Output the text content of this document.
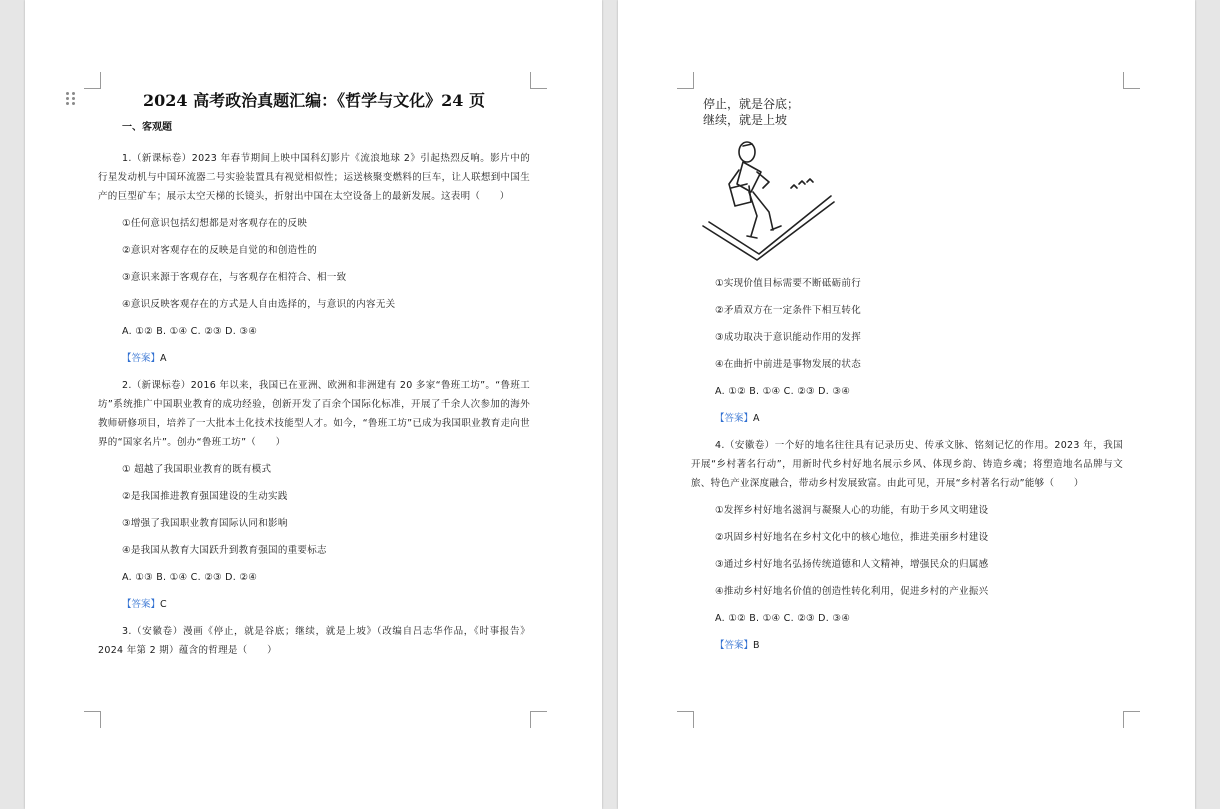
2024 高考政治真题汇编：《哲学与文化》24 页

一、客观题

1.（新课标卷）2023 年春节期间上映中国科幻影片《流浪地球 2》引起热烈反响。影片中的行星发动机与中国环流器二号实验装置具有视觉相似性；运送核聚变燃料的巨车，让人联想到中国生产的巨型矿车；展示太空天梯的长镜头，折射出中国在太空设备上的最新发展。这表明（　　）

①任何意识包括幻想都是对客观存在的反映

②意识对客观存在的反映是自觉的和创造性的

③意识来源于客观存在，与客观存在相符合、相一致

④意识反映客观存在的方式是人自由选择的，与意识的内容无关

A. ①② B. ①④ C. ②③ D. ③④

【答案】A

2.（新课标卷）2016 年以来，我国已在亚洲、欧洲和非洲建有 20 多家“鲁班工坊”。“鲁班工坊”系统推广中国职业教育的成功经验，创新开发了百余个国际化标准，开展了千余人次参加的海外教师研修项目，培养了一大批本土化技术技能型人才。如今，“鲁班工坊”已成为我国职业教育走向世界的“国家名片”。创办“鲁班工坊”（　　）

① 超越了我国职业教育的既有模式

②是我国推进教育强国建设的生动实践

③增强了我国职业教育国际认同和影响

④是我国从教育大国跃升到教育强国的重要标志

A. ①③ B. ①④ C. ②③ D. ②④

【答案】C

3.（安徽卷）漫画《停止，就是谷底；继续，就是上坡》（改编自吕志华作品，《时事报告》2024 年第 2 期）蕴含的哲理是（　　）

停止，就是谷底；
继续，就是上坡

①实现价值目标需要不断砥砺前行

②矛盾双方在一定条件下相互转化

③成功取决于意识能动作用的发挥

④在曲折中前进是事物发展的状态

A. ①② B. ①④ C. ②③ D. ③④

【答案】A

4.（安徽卷）一个好的地名往往具有记录历史、传承文脉、铭刻记忆的作用。2023 年，我国开展“乡村著名行动”，用新时代乡村好地名展示乡风、体现乡韵、铸造乡魂；将塑造地名品牌与文旅、特色产业深度融合，带动乡村发展致富。由此可见，开展“乡村著名行动”能够（　　）

①发挥乡村好地名滋润与凝聚人心的功能，有助于乡风文明建设

②巩固乡村好地名在乡村文化中的核心地位，推进美丽乡村建设

③通过乡村好地名弘扬传统道德和人文精神，增强民众的归属感

④推动乡村好地名价值的创造性转化利用，促进乡村的产业振兴

A. ①② B. ①④ C. ②③ D. ③④

【答案】B
